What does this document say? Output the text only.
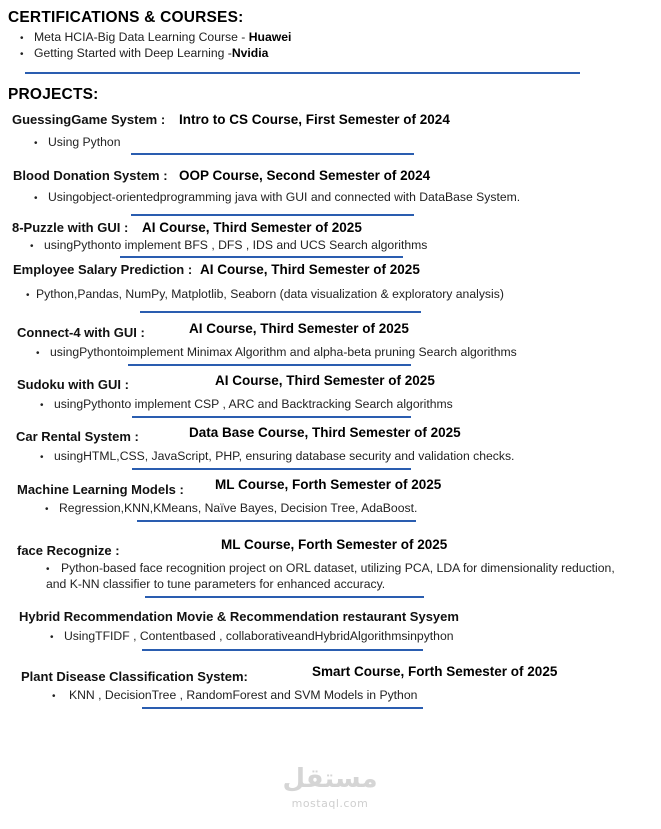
CERTIFICATIONS & COURSES:
• Meta HCIA-Big Data Learning Course - Huawei
• Getting Started with Deep Learning -Nvidia
PROJECTS:
GuessingGame System : Intro to CS Course, First Semester of 2024
• Using Python
Blood Donation System : OOP Course, Second Semester of 2024
• Usingobject-orientedprogramming java with GUI and connected with DataBase System.
8-Puzzle with GUI : AI Course, Third Semester of 2025
• usingPythonto implement BFS , DFS , IDS and UCS Search algorithms
Employee Salary Prediction : AI Course, Third Semester of 2025
• Python,Pandas, NumPy, Matplotlib, Seaborn (data visualization & exploratory analysis)
Connect-4 with GUI :	AI Course, Third Semester of 2025
• usingPythontoimplement Minimax Algorithm and alpha-beta pruning Search algorithms
Sudoku with GUI :	AI Course, Third Semester of 2025
• usingPythonto implement CSP , ARC and Backtracking Search algorithms
Car Rental System :	Data Base Course, Third Semester of 2025
• usingHTML,CSS, JavaScript, PHP, ensuring database security and validation checks.
Machine Learning Models : ML Course, Forth Semester of 2025
• Regression,KNN,KMeans, Naïve Bayes, Decision Tree, AdaBoost.
face Recognize :	ML Course, Forth Semester of 2025
• Python-based face recognition project on ORL dataset, utilizing PCA, LDA for dimensionality reduction, and K-NN classifier to tune parameters for enhanced accuracy.
Hybrid Recommendation Movie & Recommendation restaurant Sysyem
• UsingTFIDF , Contentbased , collaborativeandHybridAlgorithmsinpython
Plant Disease Classification System:	Smart Course, Forth Semester of 2025
• KNN , DecisionTree , RandomForest and SVM Models in Python
مستقل
mostaql.com
